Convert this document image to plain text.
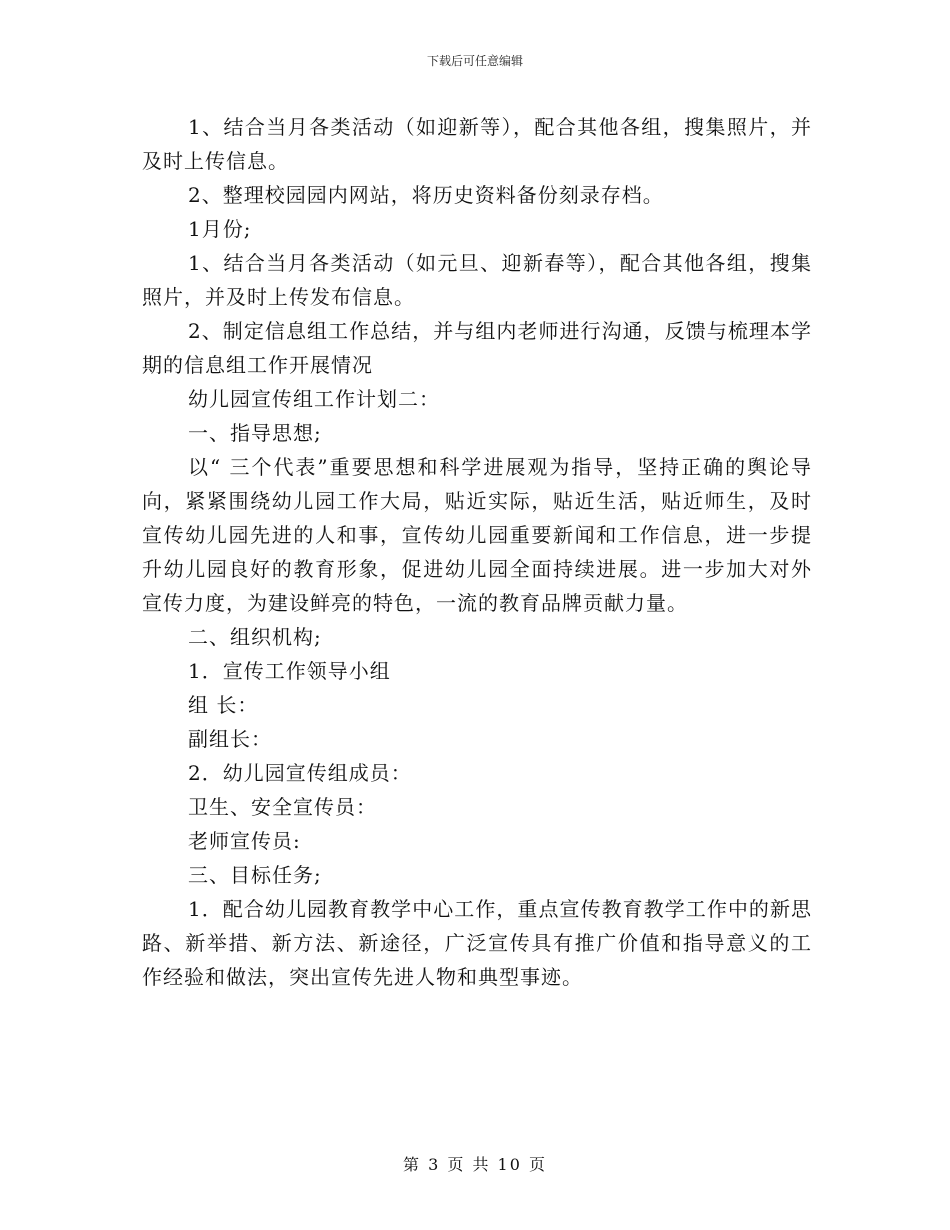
下载后可任意编辑

1、结合当月各类活动（如迎新等），配合其他各组，搜集照片，并及时上传信息。

2、整理校园园内网站，将历史资料备份刻录存档。

1月份;

1、结合当月各类活动（如元旦、迎新春等），配合其他各组，搜集照片，并及时上传发布信息。

2、制定信息组工作总结，并与组内老师进行沟通，反馈与梳理本学期的信息组工作开展情况

幼儿园宣传组工作计划二：

一、指导思想;

以“ 三个代表”重要思想和科学进展观为指导，坚持正确的舆论导向，紧紧围绕幼儿园工作大局，贴近实际，贴近生活，贴近师生，及时宣传幼儿园先进的人和事，宣传幼儿园重要新闻和工作信息，进一步提升幼儿园良好的教育形象，促进幼儿园全面持续进展。进一步加大对外宣传力度，为建设鲜亮的特色，一流的教育品牌贡献力量。

二、组织机构;

1．宣传工作领导小组

组 长：

副组长：

2．幼儿园宣传组成员：

卫生、安全宣传员：

老师宣传员:

三、目标任务;

1．配合幼儿园教育教学中心工作，重点宣传教育教学工作中的新思路、新举措、新方法、新途径，广泛宣传具有推广价值和指导意义的工作经验和做法，突出宣传先进人物和典型事迹。

第 3 页 共 10 页
